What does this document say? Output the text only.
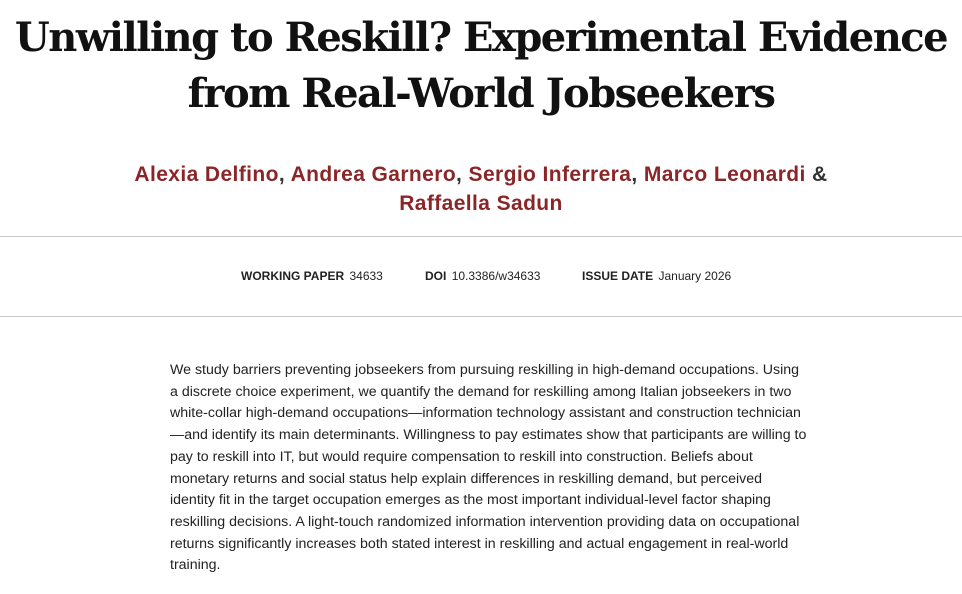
Unwilling to Reskill? Experimental Evidence
from Real-World Jobseekers
Alexia Delfino, Andrea Garnero, Sergio Inferrera, Marco Leonardi & Raffaella Sadun
WORKING PAPER 34633	DOI 10.3386/w34633	ISSUE DATE January 2026

We study barriers preventing jobseekers from pursuing reskilling in high-demand occupations. Using a discrete choice experiment, we quantify the demand for reskilling among Italian jobseekers in two white-collar high-demand occupations—information technology assistant and construction technician—and identify its main determinants. Willingness to pay estimates show that participants are willing to pay to reskill into IT, but would require compensation to reskill into construction. Beliefs about monetary returns and social status help explain differences in reskilling demand, but perceived identity fit in the target occupation emerges as the most important individual-level factor shaping reskilling decisions. A light-touch randomized information intervention providing data on occupational returns significantly increases both stated interest in reskilling and actual engagement in real-world training.
